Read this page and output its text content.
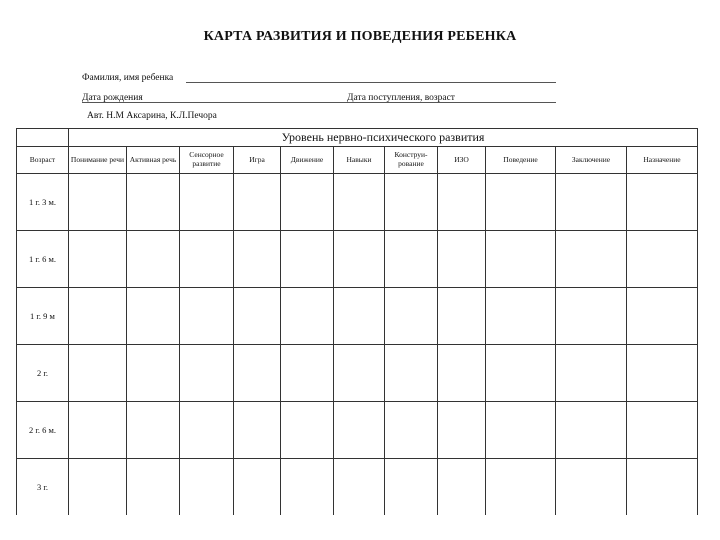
КАРТА РАЗВИТИЯ И ПОВЕДЕНИЯ РЕБЕНКА
Фамилия, имя ребенка
Дата рождения	Дата поступления, возраст
Авт. Н.М Аксарина, К.Л.Печора
	Уровень нервно-психического развития										
Возраст	Понимание речи	Активная речь	Сенсорное развитие	Игра	Движение	Навыки	Конструи-рование	ИЗО	Поведение	Заключение	Назначение
1 г. 3 м.											
1 г. 6 м.											
1 г. 9 м											
2 г.											
2 г. 6 м.											
3 г.											
